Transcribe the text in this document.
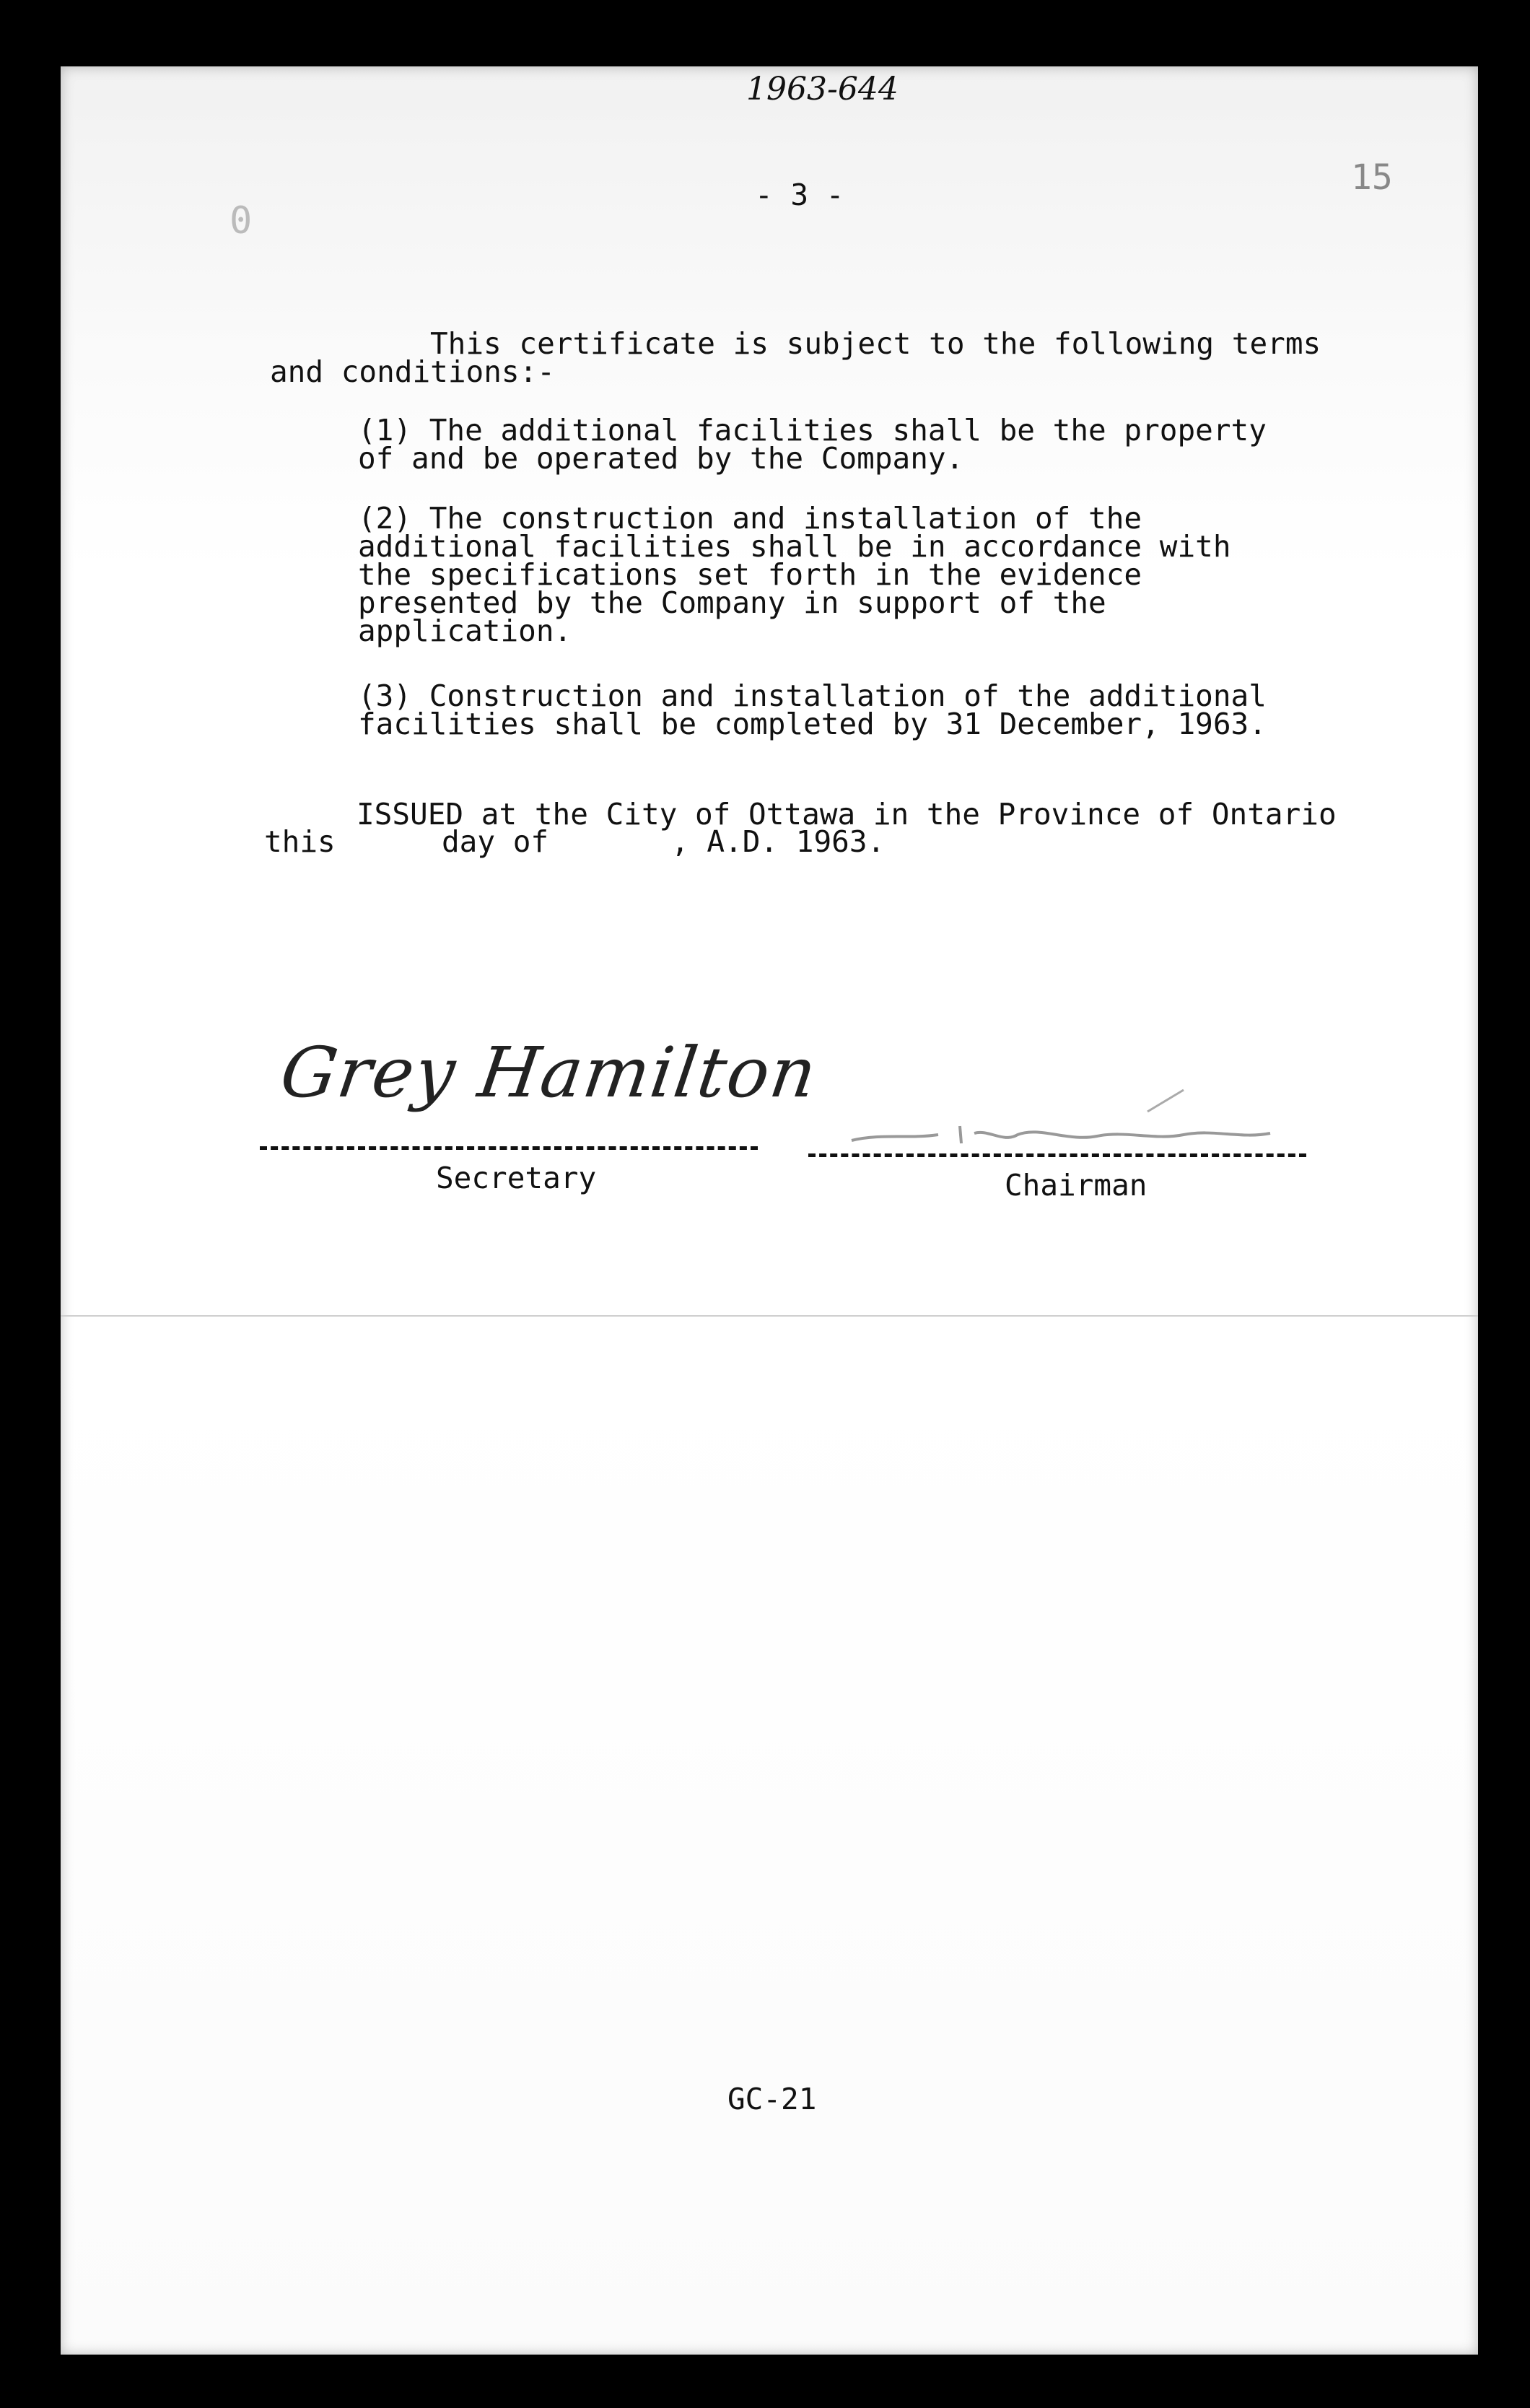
1963-644
- 3 -	15
0
This certificate is subject to the following terms
and conditions:-
(1) The additional facilities shall be the property
of and be operated by the Company.
(2) The construction and installation of the
additional facilities shall be in accordance with
the specifications set forth in the evidence
presented by the Company in support of the
application.
(3) Construction and installation of the additional
facilities shall be completed by 31 December, 1963.
ISSUED at the City of Ottawa in the Province of Ontario
this	day of	, A.D. 1963.
Grey Hamilton
Secretary	Chairman
GC-21
